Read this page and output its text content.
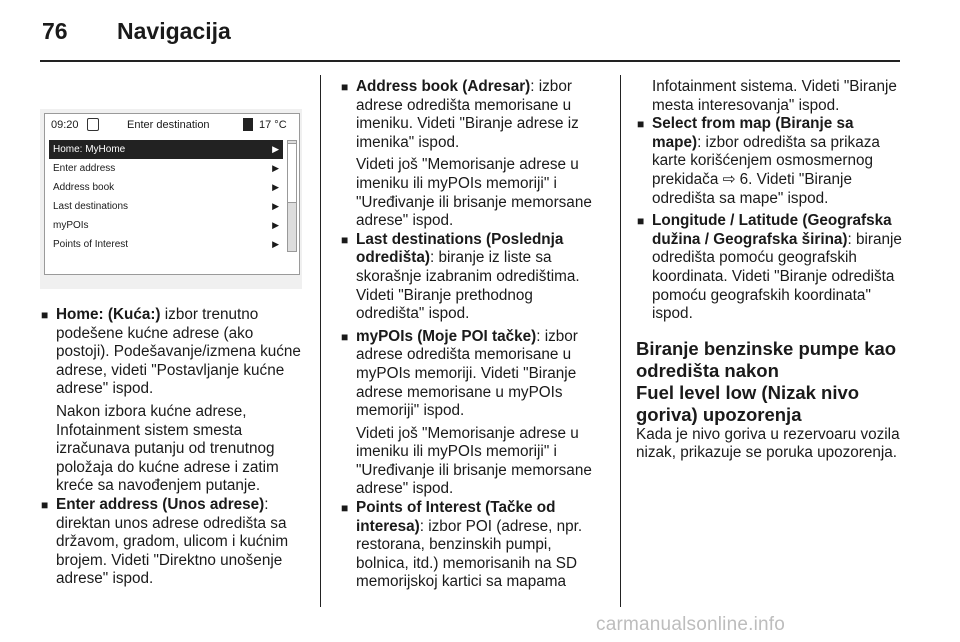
76 Navigacija
09:20	Enter destination	17 °C
Home: MyHome	▶
Enter address	▶
Address book	▶
Last destinations	▶
myPOIs	▶
Points of Interest	▶
■ Home: (Kuća:) izbor trenutno podešene kućne adrese (ako postoji). Podešavanje/izmena kućne adrese, videti "Postavljanje kućne adrese" ispod.

Nakon izbora kućne adrese, Infotainment sistem smesta izračunava putanju od trenutnog položaja do kućne adrese i zatim kreće sa navođenjem putanje.

■ Enter address (Unos adrese): direktan unos adrese odredišta sa državom, gradom, ulicom i kućnim brojem. Videti "Direktno unošenje adrese" ispod.
■ Address book (Adresar): izbor adrese odredišta memorisane u imeniku. Videti "Biranje adrese iz imenika" ispod.

Videti još "Memorisanje adrese u imeniku ili myPOIs memoriji" i "Uređivanje ili brisanje memorsane adrese" ispod.

■ Last destinations (Poslednja odredišta): biranje iz liste sa skorašnje izabranim odredištima. Videti "Biranje prethodnog odredišta" ispod.
■ myPOIs (Moje POI tačke): izbor adrese odredišta memorisane u myPOIs memoriji. Videti "Biranje adrese memorisane u myPOIs memoriji" ispod.

Videti još "Memorisanje adrese u imeniku ili myPOIs memoriji" i "Uređivanje ili brisanje memorsane adrese" ispod.

■ Points of Interest (Tačke od interesa): izbor POI (adrese, npr. restorana, benzinskih pumpi, bolnica, itd.) memorisanih na SD memorijskoj kartici sa mapama

Infotainment sistema. Videti "Biranje mesta interesovanja" ispod.

■ Select from map (Biranje sa mape): izbor odredišta sa prikaza karte korišćenjem osmosmernog prekidača ⇨ 6. Videti "Biranje odredišta sa mape" ispod.
■ Longitude / Latitude (Geografska dužina / Geografska širina): biranje odredišta pomoću geografskih koordinata. Videti "Biranje odredišta pomoću geografskih koordinata" ispod.
Biranje benzinske pumpe kao odredišta nakon
Fuel level low (Nizak nivo goriva) upozorenja

Kada je nivo goriva u rezervoaru vozila nizak, prikazuje se poruka upozorenja.

carmanualsonline.info
